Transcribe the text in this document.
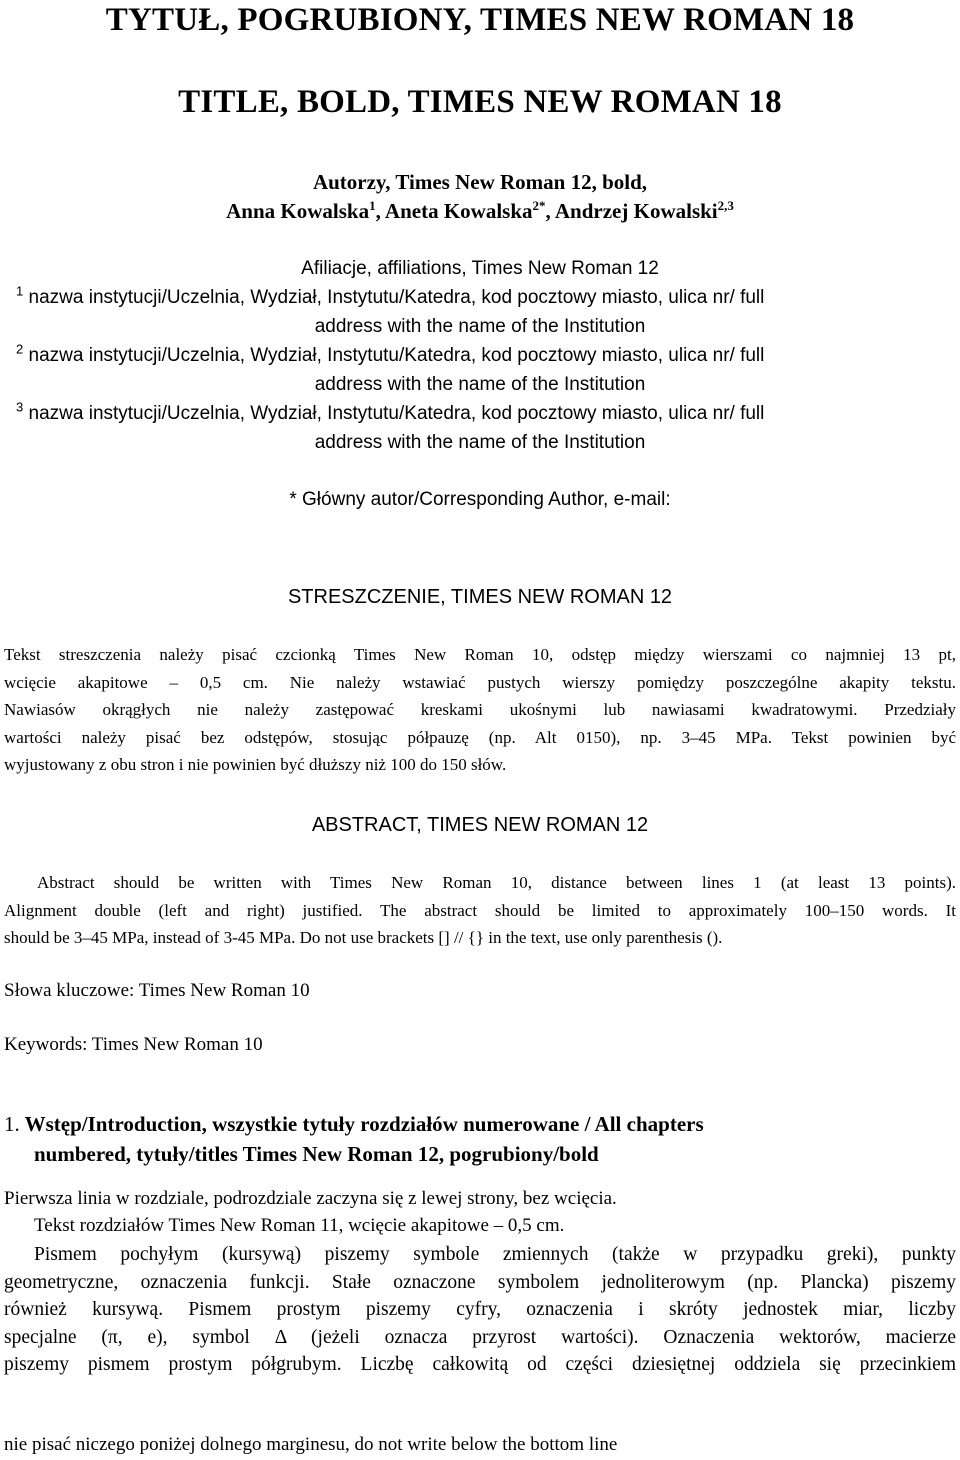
TYTUŁ, POGRUBIONY, TIMES NEW ROMAN 18
TITLE, BOLD, TIMES NEW ROMAN 18
Autorzy, Times New Roman 12, bold,
Anna Kowalska$^1$, Aneta Kowalska$^{2*}$, Andrzej Kowalski$^{2,3}$
Afiliacje, affiliations, Times New Roman 12
$^1$ nazwa instytucji/Uczelnia, Wydział, Instytutu/Katedra, kod pocztowy miasto, ulica nr/ full
address with the name of the Institution
$^2$ nazwa instytucji/Uczelnia, Wydział, Instytutu/Katedra, kod pocztowy miasto, ulica nr/ full
address with the name of the Institution
$^3$ nazwa instytucji/Uczelnia, Wydział, Instytutu/Katedra, kod pocztowy miasto, ulica nr/ full
address with the name of the Institution
* Główny autor/Corresponding Author, e-mail:
STRESZCZENIE, TIMES NEW ROMAN 12
Tekst streszczenia należy pisać czcionką Times New Roman 10, odstęp między wierszami co najmniej 13 pt,
wcięcie akapitowe – 0,5 cm. Nie należy wstawiać pustych wierszy pomiędzy poszczególne akapity tekstu.
Nawiasów okrągłych nie należy zastępować kreskami ukośnymi lub nawiasami kwadratowymi. Przedziały
wartości należy pisać bez odstępów, stosując półpauzę (np. Alt 0150), np. 3–45 MPa. Tekst powinien być
wyjustowany z obu stron i nie powinien być dłuższy niż 100 do 150 słów.
ABSTRACT, TIMES NEW ROMAN 12
Abstract should be written with Times New Roman 10, distance between lines 1 (at least 13 points).
Alignment double (left and right) justified. The abstract should be limited to approximately 100–150 words. It
should be 3–45 MPa, instead of 3-45 MPa. Do not use brackets [] // {} in the text, use only parenthesis ().
Słowa kluczowe: Times New Roman 10
Keywords: Times New Roman 10
1. Wstęp/Introduction, wszystkie tytuły rozdziałów numerowane / All chapters
numbered, tytuły/titles Times New Roman 12, pogrubiony/bold
Pierwsza linia w rozdziale, podrozdziale zaczyna się z lewej strony, bez wcięcia.
Tekst rozdziałów Times New Roman 11, wcięcie akapitowe – 0,5 cm.
Pismem pochyłym (kursywą) piszemy symbole zmiennych (także w przypadku greki), punkty
geometryczne, oznaczenia funkcji. Stałe oznaczone symbolem jednoliterowym (np. Plancka) piszemy
również kursywą. Pismem prostym piszemy cyfry, oznaczenia i skróty jednostek miar, liczby
specjalne (π, e), symbol Δ (jeżeli oznacza przyrost wartości). Oznaczenia wektorów, macierze
piszemy pismem prostym półgrubym. Liczbę całkowitą od części dziesiętnej oddziela się przecinkiem
nie pisać niczego poniżej dolnego marginesu, do not write below the bottom line
